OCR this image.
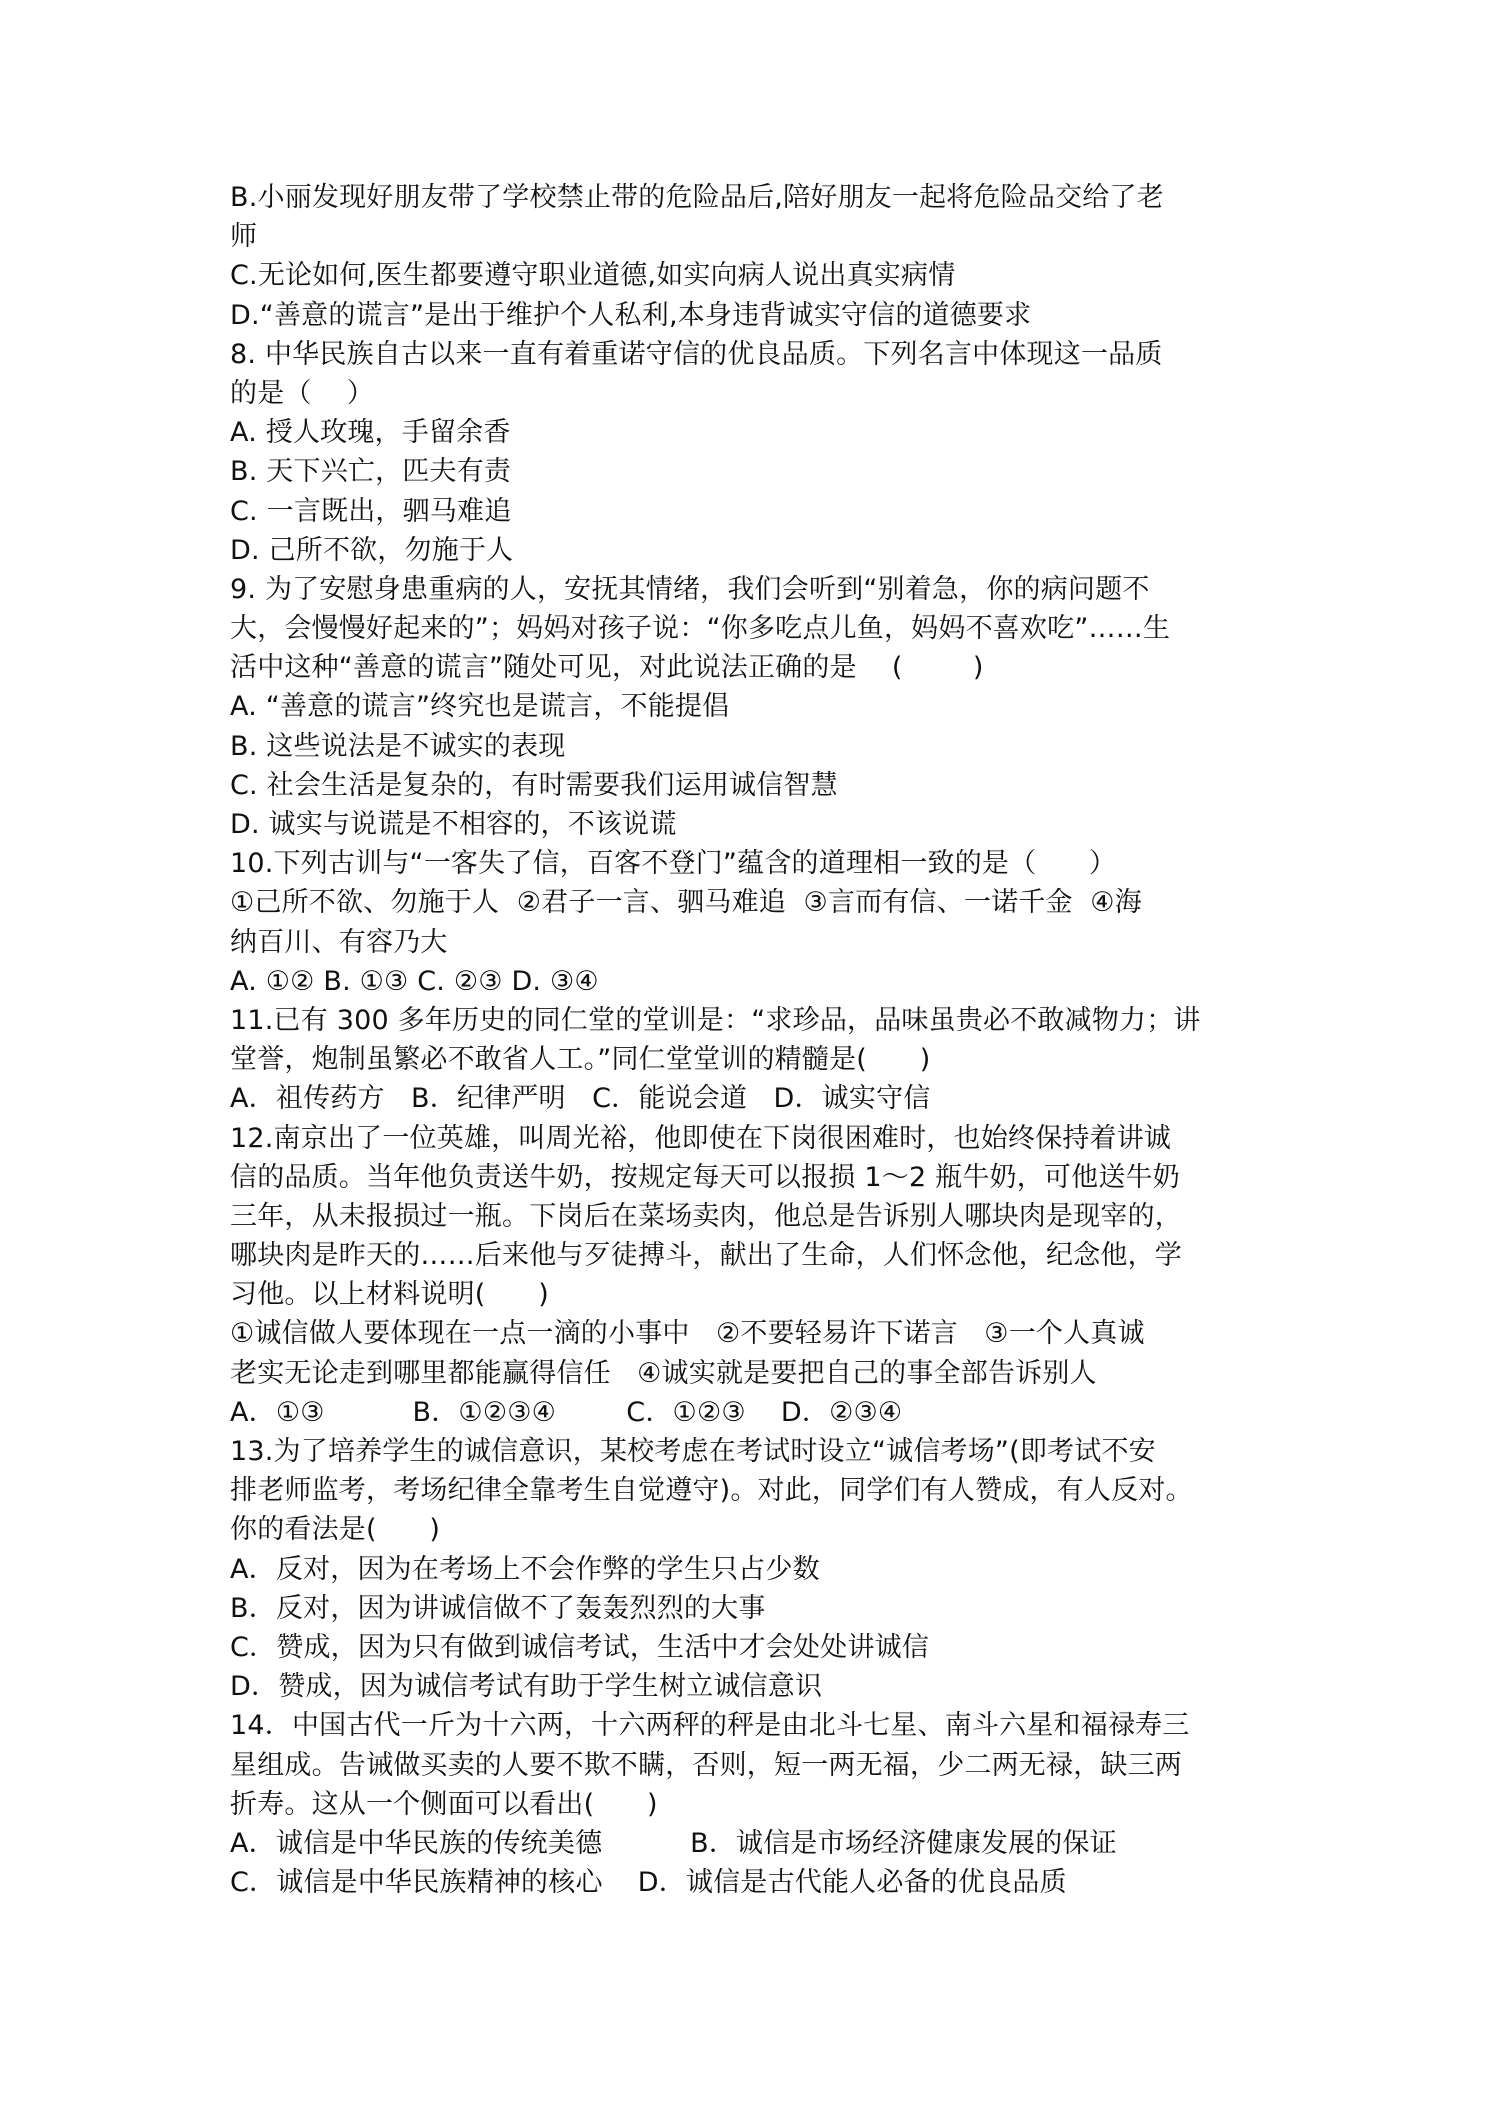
B.小丽发现好朋友带了学校禁止带的危险品后,陪好朋友一起将危险品交给了老
师
C.无论如何,医生都要遵守职业道德,如实向病人说出真实病情
D.“善意的谎言”是出于维护个人私利,本身违背诚实守信的道德要求
8. 中华民族自古以来一直有着重诺守信的优良品质。下列名言中体现这一品质
的是（    ）
A. 授人玫瑰，手留余香
B. 天下兴亡，匹夫有责
C. 一言既出，驷马难追
D. 己所不欲，勿施于人
9. 为了安慰身患重病的人，安抚其情绪，我们会听到“别着急，你的病问题不
大，会慢慢好起来的”；妈妈对孩子说：“你多吃点儿鱼，妈妈不喜欢吃”……生
活中这种“善意的谎言”随处可见，对此说法正确的是    (        )
A. “善意的谎言”终究也是谎言，不能提倡
B. 这些说法是不诚实的表现
C. 社会生活是复杂的，有时需要我们运用诚信智慧
D. 诚实与说谎是不相容的，不该说谎
10.下列古训与“一客失了信，百客不登门”蕴含的道理相一致的是（      ）
①己所不欲、勿施于人  ②君子一言、驷马难追  ③言而有信、一诺千金  ④海
纳百川、有容乃大
A. ①② B. ①③ C. ②③ D. ③④
11.已有 300 多年历史的同仁堂的堂训是：“求珍品，品味虽贵必不敢减物力；讲
堂誉，炮制虽繁必不敢省人工。”同仁堂堂训的精髓是(      )
A．祖传药方   B．纪律严明   C．能说会道   D．诚实守信
12.南京出了一位英雄，叫周光裕，他即使在下岗很困难时，也始终保持着讲诚
信的品质。当年他负责送牛奶，按规定每天可以报损 1～2 瓶牛奶，可他送牛奶
三年，从未报损过一瓶。下岗后在菜场卖肉，他总是告诉别人哪块肉是现宰的，
哪块肉是昨天的……后来他与歹徒搏斗，献出了生命，人们怀念他，纪念他，学
习他。以上材料说明(      )
①诚信做人要体现在一点一滴的小事中   ②不要轻易许下诺言   ③一个人真诚
老实无论走到哪里都能赢得信任   ④诚实就是要把自己的事全部告诉别人
A．①③          B．①②③④        C．①②③    D．②③④
13.为了培养学生的诚信意识，某校考虑在考试时设立“诚信考场”(即考试不安
排老师监考，考场纪律全靠考生自觉遵守)。对此，同学们有人赞成，有人反对。
你的看法是(      )
A．反对，因为在考场上不会作弊的学生只占少数
B．反对，因为讲诚信做不了轰轰烈烈的大事
C．赞成，因为只有做到诚信考试，生活中才会处处讲诚信
D．赞成，因为诚信考试有助于学生树立诚信意识
14．中国古代一斤为十六两，十六两秤的秤是由北斗七星、南斗六星和福禄寿三
星组成。告诫做买卖的人要不欺不瞒，否则，短一两无福，少二两无禄，缺三两
折寿。这从一个侧面可以看出(      )
A．诚信是中华民族的传统美德          B．诚信是市场经济健康发展的保证
C．诚信是中华民族精神的核心    D．诚信是古代能人必备的优良品质
